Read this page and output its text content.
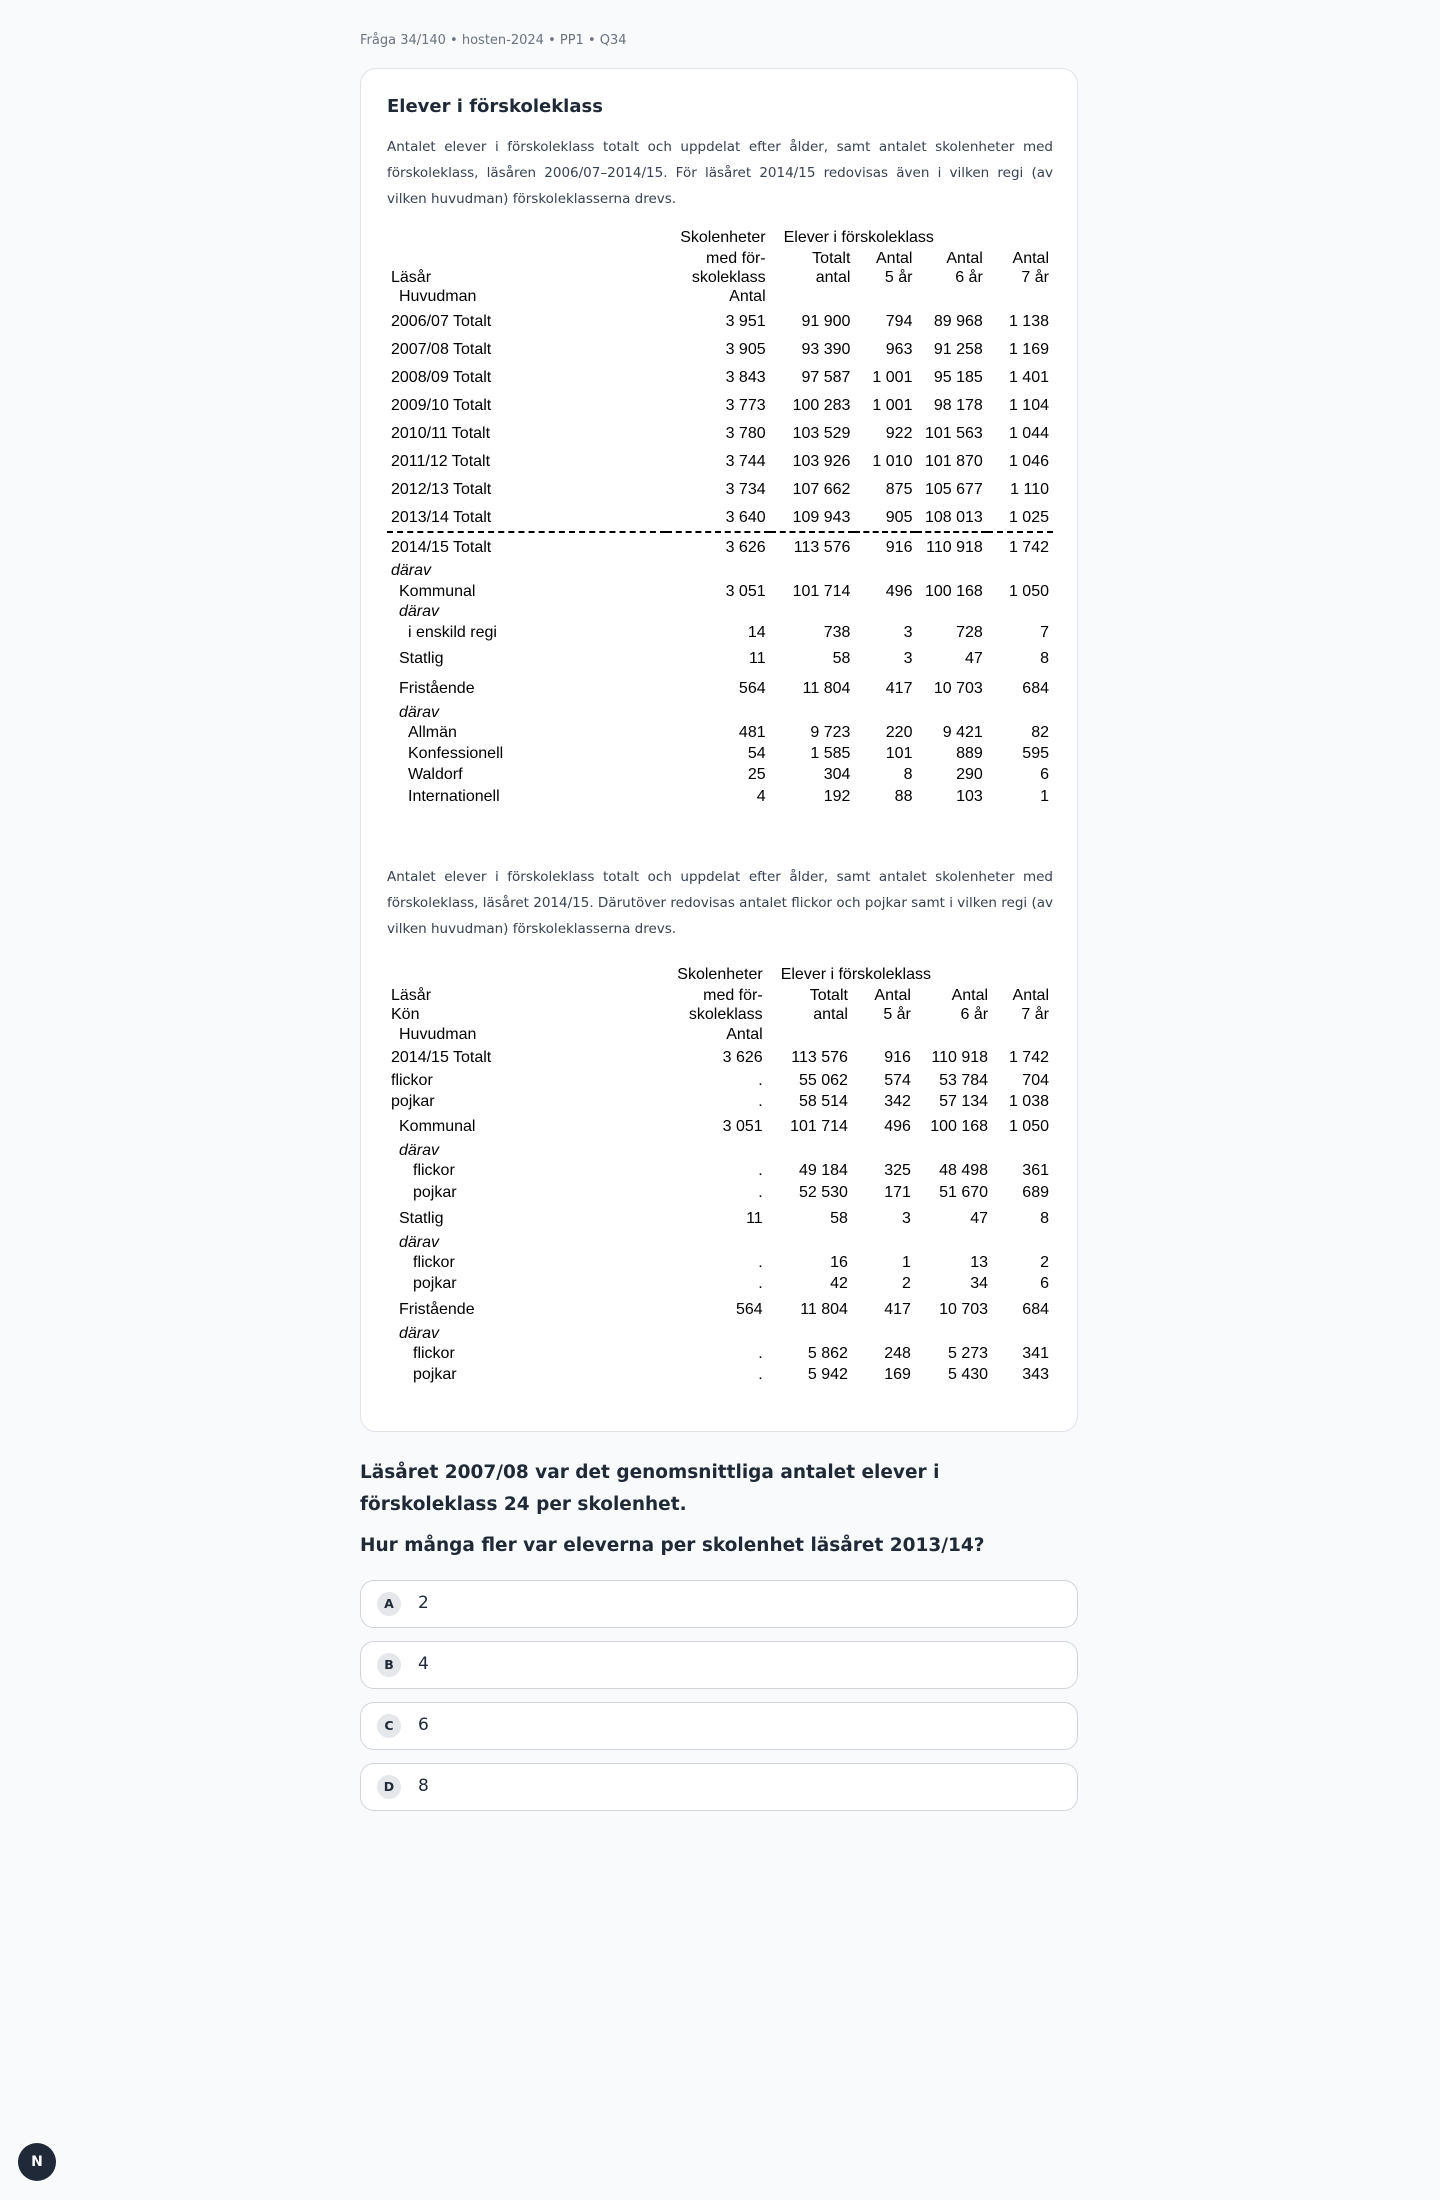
Fråga 34/140 • hosten-2024 • PP1 • Q34
Elever i förskoleklass

Antalet elever i förskoleklass totalt och uppdelat efter ålder, samt antalet skolenheter med förskoleklass, läsåren 2006/07–2014/15. För läsåret 2014/15 redovisas även i vilken regi (av vilken huvudman) förskoleklasserna drevs.

	Skolenheter	Elever i förskoleklass			
	med för-	Totalt	Antal	Antal	Antal
Läsår	skoleklass	antal	5 år	6 år	7 år
Huvudman	Antal				
2006/07 Totalt	3 951	91 900	794	89 968	1 138
2007/08 Totalt	3 905	93 390	963	91 258	1 169
2008/09 Totalt	3 843	97 587	1 001	95 185	1 401
2009/10 Totalt	3 773	100 283	1 001	98 178	1 104
2010/11 Totalt	3 780	103 529	922	101 563	1 044
2011/12 Totalt	3 744	103 926	1 010	101 870	1 046
2012/13 Totalt	3 734	107 662	875	105 677	1 110
2013/14 Totalt	3 640	109 943	905	108 013	1 025
2014/15 Totalt	3 626	113 576	916	110 918	1 742
därav					
Kommunal	3 051	101 714	496	100 168	1 050
därav					
i enskild regi	14	738	3	728	7
Statlig	11	58	3	47	8
Fristående	564	11 804	417	10 703	684
därav					
Allmän	481	9 723	220	9 421	82
Konfessionell	54	1 585	101	889	595
Waldorf	25	304	8	290	6
Internationell	4	192	88	103	1

Antalet elever i förskoleklass totalt och uppdelat efter ålder, samt antalet skolenheter med förskoleklass, läsåret 2014/15. Därutöver redovisas antalet flickor och pojkar samt i vilken regi (av vilken huvudman) förskoleklasserna drevs.

	Skolenheter	Elever i förskoleklass			
Läsår	med för-	Totalt	Antal	Antal	Antal
Kön	skoleklass	antal	5 år	6 år	7 år
Huvudman	Antal				
2014/15 Totalt	3 626	113 576	916	110 918	1 742
flickor	.	55 062	574	53 784	704
pojkar	.	58 514	342	57 134	1 038
Kommunal	3 051	101 714	496	100 168	1 050
därav					
flickor	.	49 184	325	48 498	361
pojkar	.	52 530	171	51 670	689
Statlig	11	58	3	47	8
därav					
flickor	.	16	1	13	2
pojkar	.	42	2	34	6
Fristående	564	11 804	417	10 703	684
därav					
flickor	.	5 862	248	5 273	341
pojkar	.	5 942	169	5 430	343

Läsåret 2007/08 var det genomsnittliga antalet elever i förskoleklass 24 per skolenhet.

Hur många fler var eleverna per skolenhet läsåret 2013/14?

A	2
B	4
C	6
D	8
N
